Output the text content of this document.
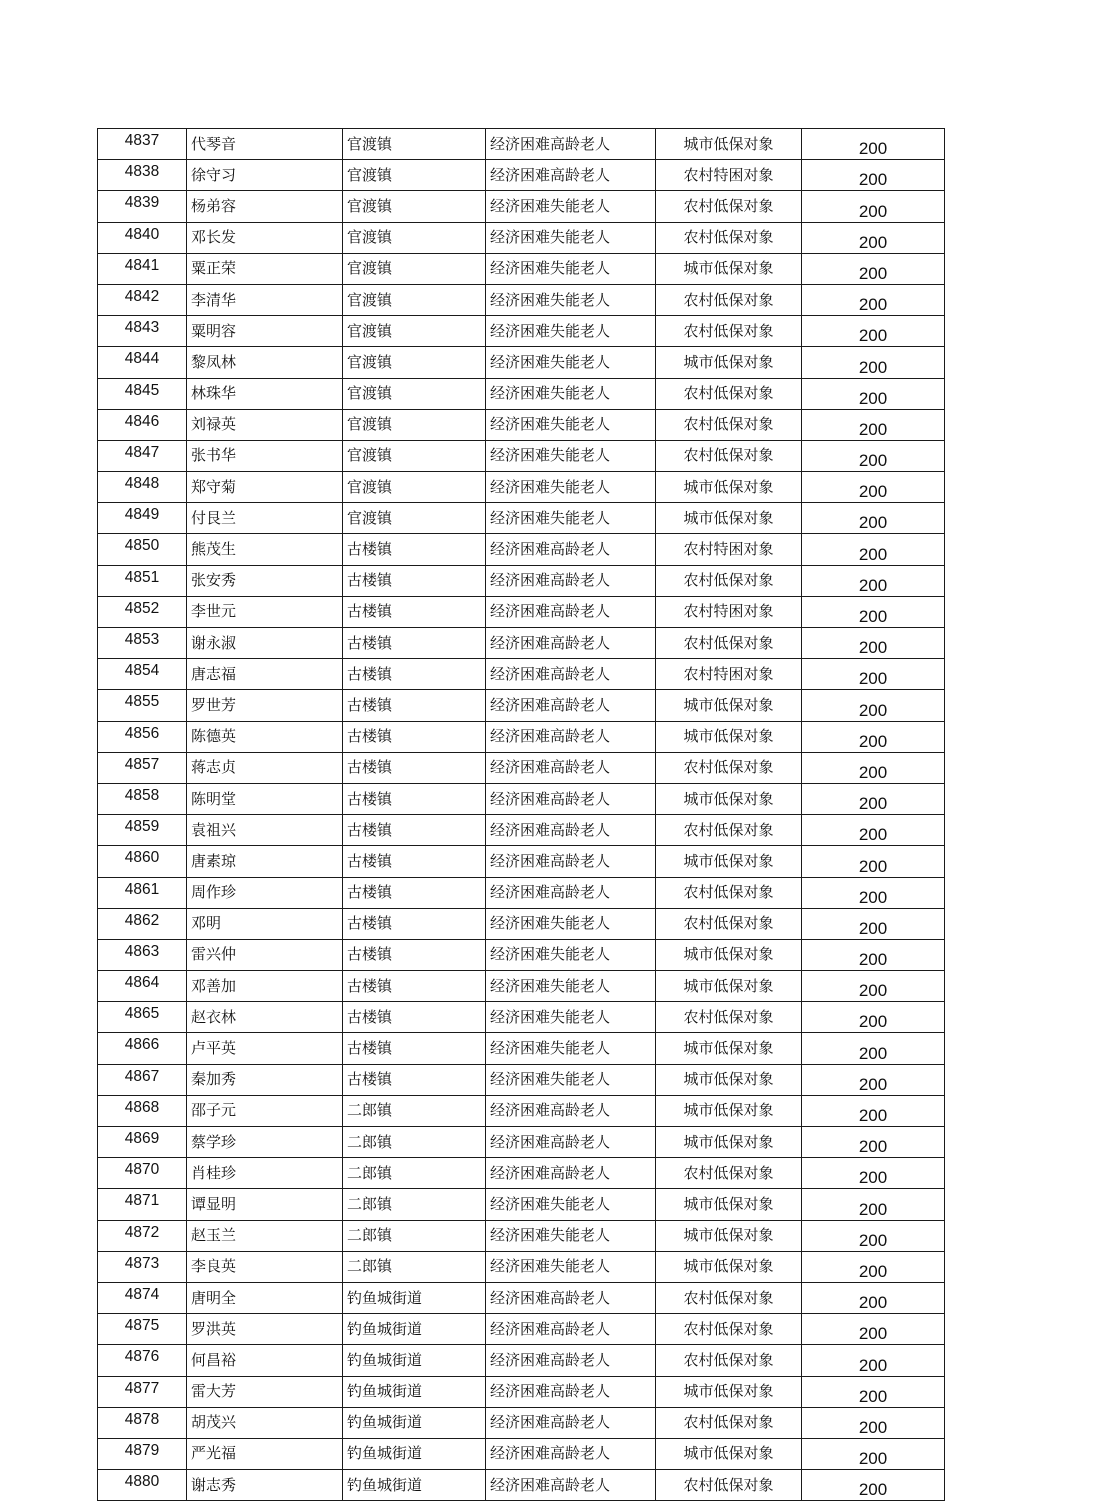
4837	代琴音	官渡镇	经济困难高龄老人	城市低保对象	200
4838	徐守习	官渡镇	经济困难高龄老人	农村特困对象	200
4839	杨弟容	官渡镇	经济困难失能老人	农村低保对象	200
4840	邓长发	官渡镇	经济困难失能老人	农村低保对象	200
4841	粟正荣	官渡镇	经济困难失能老人	城市低保对象	200
4842	李清华	官渡镇	经济困难失能老人	农村低保对象	200
4843	粟明容	官渡镇	经济困难失能老人	农村低保对象	200
4844	黎凤林	官渡镇	经济困难失能老人	城市低保对象	200
4845	林珠华	官渡镇	经济困难失能老人	农村低保对象	200
4846	刘禄英	官渡镇	经济困难失能老人	农村低保对象	200
4847	张书华	官渡镇	经济困难失能老人	农村低保对象	200
4848	郑守菊	官渡镇	经济困难失能老人	城市低保对象	200
4849	付艮兰	官渡镇	经济困难失能老人	城市低保对象	200
4850	熊茂生	古楼镇	经济困难高龄老人	农村特困对象	200
4851	张安秀	古楼镇	经济困难高龄老人	农村低保对象	200
4852	李世元	古楼镇	经济困难高龄老人	农村特困对象	200
4853	谢永淑	古楼镇	经济困难高龄老人	农村低保对象	200
4854	唐志福	古楼镇	经济困难高龄老人	农村特困对象	200
4855	罗世芳	古楼镇	经济困难高龄老人	城市低保对象	200
4856	陈德英	古楼镇	经济困难高龄老人	城市低保对象	200
4857	蒋志贞	古楼镇	经济困难高龄老人	农村低保对象	200
4858	陈明堂	古楼镇	经济困难高龄老人	城市低保对象	200
4859	袁祖兴	古楼镇	经济困难高龄老人	农村低保对象	200
4860	唐素琼	古楼镇	经济困难高龄老人	城市低保对象	200
4861	周作珍	古楼镇	经济困难高龄老人	农村低保对象	200
4862	邓明	古楼镇	经济困难失能老人	农村低保对象	200
4863	雷兴仲	古楼镇	经济困难失能老人	城市低保对象	200
4864	邓善加	古楼镇	经济困难失能老人	城市低保对象	200
4865	赵衣林	古楼镇	经济困难失能老人	农村低保对象	200
4866	卢平英	古楼镇	经济困难失能老人	城市低保对象	200
4867	秦加秀	古楼镇	经济困难失能老人	城市低保对象	200
4868	邵子元	二郎镇	经济困难高龄老人	城市低保对象	200
4869	蔡学珍	二郎镇	经济困难高龄老人	城市低保对象	200
4870	肖桂珍	二郎镇	经济困难高龄老人	农村低保对象	200
4871	谭显明	二郎镇	经济困难失能老人	城市低保对象	200
4872	赵玉兰	二郎镇	经济困难失能老人	城市低保对象	200
4873	李良英	二郎镇	经济困难失能老人	城市低保对象	200
4874	唐明全	钓鱼城街道	经济困难高龄老人	农村低保对象	200
4875	罗洪英	钓鱼城街道	经济困难高龄老人	农村低保对象	200
4876	何昌裕	钓鱼城街道	经济困难高龄老人	农村低保对象	200
4877	雷大芳	钓鱼城街道	经济困难高龄老人	城市低保对象	200
4878	胡茂兴	钓鱼城街道	经济困难高龄老人	农村低保对象	200
4879	严光福	钓鱼城街道	经济困难高龄老人	城市低保对象	200
4880	谢志秀	钓鱼城街道	经济困难高龄老人	农村低保对象	200
